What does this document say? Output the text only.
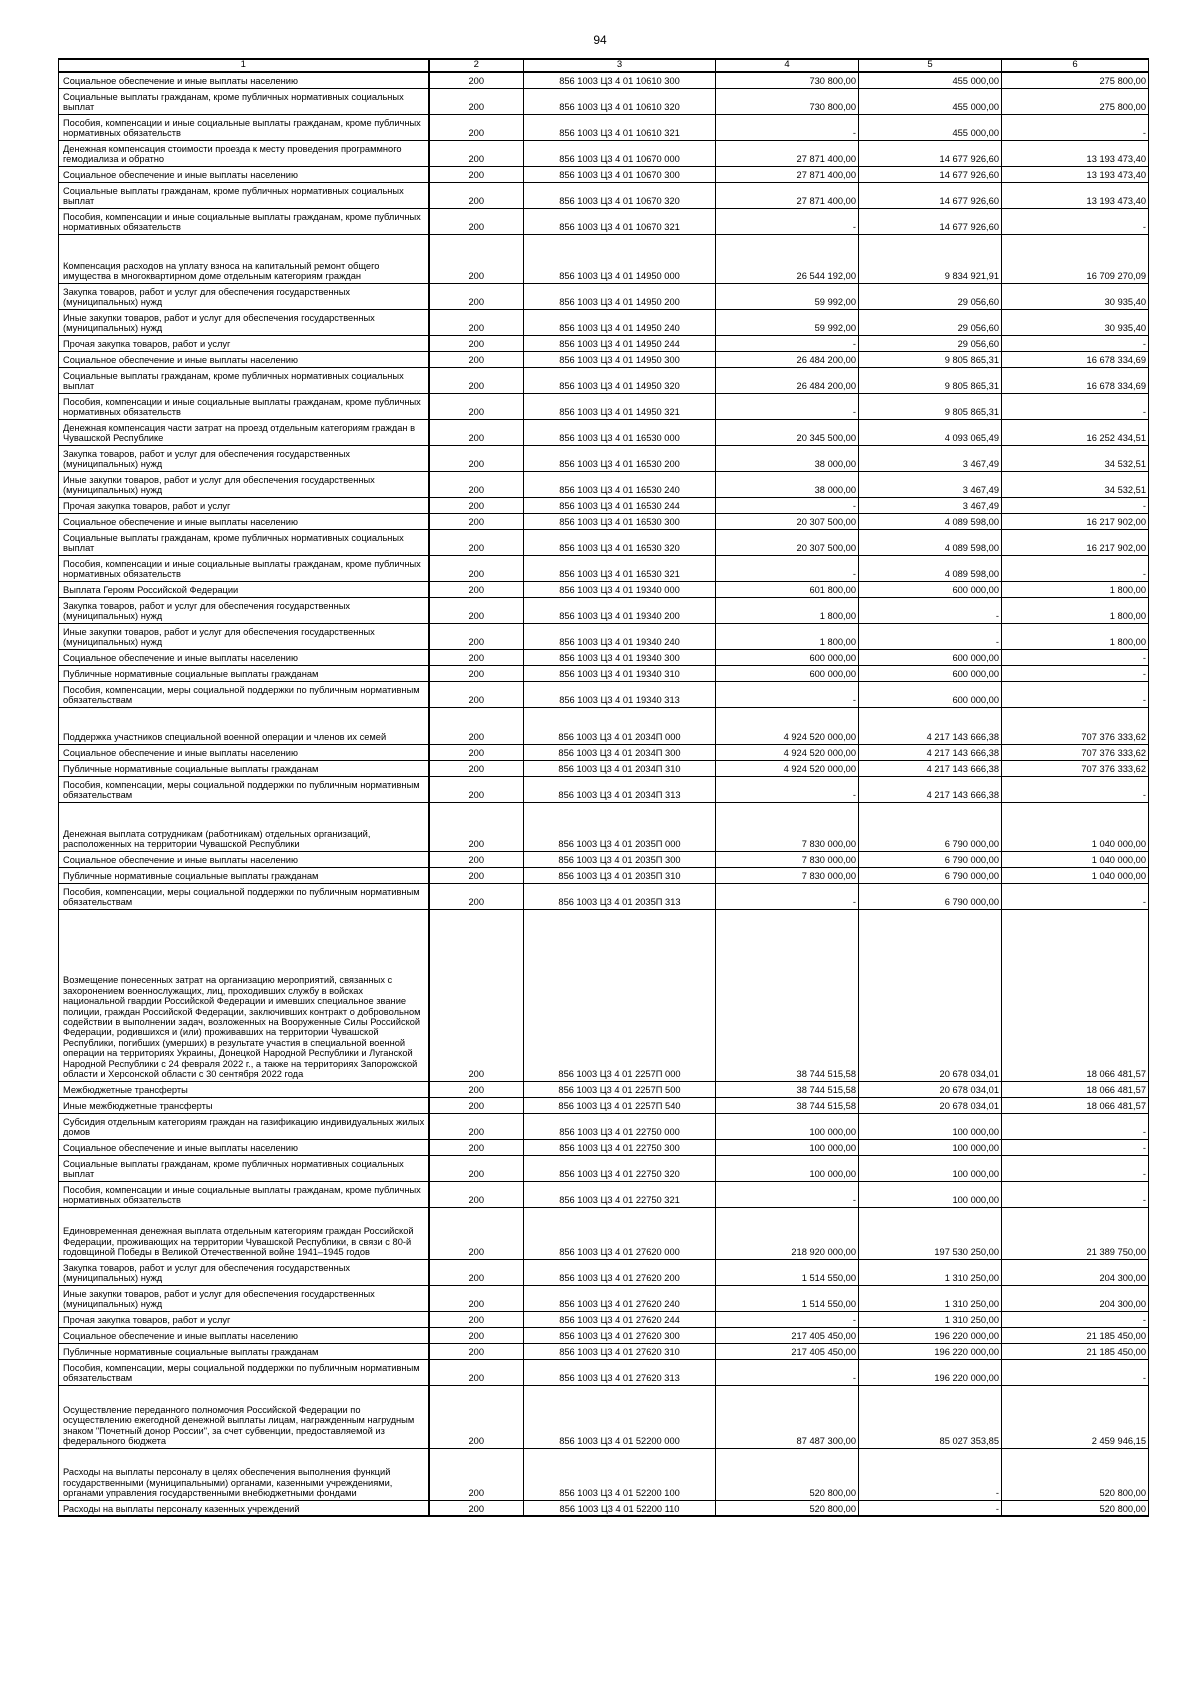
94
1	2	3	4	5	6
Социальное обеспечение и иные выплаты населению	200	856 1003 Ц3 4 01 10610 300	730 800,00	455 000,00	275 800,00
Социальные выплаты гражданам, кроме публичных нормативных социальных выплат	200	856 1003 Ц3 4 01 10610 320	730 800,00	455 000,00	275 800,00
Пособия, компенсации и иные социальные выплаты гражданам, кроме публичных нормативных обязательств	200	856 1003 Ц3 4 01 10610 321	-	455 000,00	-
Денежная компенсация стоимости проезда к месту проведения программного гемодиализа и обратно	200	856 1003 Ц3 4 01 10670 000	27 871 400,00	14 677 926,60	13 193 473,40
Социальное обеспечение и иные выплаты населению	200	856 1003 Ц3 4 01 10670 300	27 871 400,00	14 677 926,60	13 193 473,40
Социальные выплаты гражданам, кроме публичных нормативных социальных выплат	200	856 1003 Ц3 4 01 10670 320	27 871 400,00	14 677 926,60	13 193 473,40
Пособия, компенсации и иные социальные выплаты гражданам, кроме публичных нормативных обязательств	200	856 1003 Ц3 4 01 10670 321	-	14 677 926,60	-
Компенсация расходов на уплату взноса на капитальный ремонт общего имущества в многоквартирном доме отдельным категориям граждан	200	856 1003 Ц3 4 01 14950 000	26 544 192,00	9 834 921,91	16 709 270,09
Закупка товаров, работ и услуг для обеспечения государственных (муниципальных) нужд	200	856 1003 Ц3 4 01 14950 200	59 992,00	29 056,60	30 935,40
Иные закупки товаров, работ и услуг для обеспечения государственных (муниципальных) нужд	200	856 1003 Ц3 4 01 14950 240	59 992,00	29 056,60	30 935,40
Прочая закупка товаров, работ и услуг	200	856 1003 Ц3 4 01 14950 244	-	29 056,60	-
Социальное обеспечение и иные выплаты населению	200	856 1003 Ц3 4 01 14950 300	26 484 200,00	9 805 865,31	16 678 334,69
Социальные выплаты гражданам, кроме публичных нормативных социальных выплат	200	856 1003 Ц3 4 01 14950 320	26 484 200,00	9 805 865,31	16 678 334,69
Пособия, компенсации и иные социальные выплаты гражданам, кроме публичных нормативных обязательств	200	856 1003 Ц3 4 01 14950 321	-	9 805 865,31	-
Денежная компенсация части затрат на проезд отдельным категориям граждан в Чувашской Республике	200	856 1003 Ц3 4 01 16530 000	20 345 500,00	4 093 065,49	16 252 434,51
Закупка товаров, работ и услуг для обеспечения государственных (муниципальных) нужд	200	856 1003 Ц3 4 01 16530 200	38 000,00	3 467,49	34 532,51
Иные закупки товаров, работ и услуг для обеспечения государственных (муниципальных) нужд	200	856 1003 Ц3 4 01 16530 240	38 000,00	3 467,49	34 532,51
Прочая закупка товаров, работ и услуг	200	856 1003 Ц3 4 01 16530 244	-	3 467,49	-
Социальное обеспечение и иные выплаты населению	200	856 1003 Ц3 4 01 16530 300	20 307 500,00	4 089 598,00	16 217 902,00
Социальные выплаты гражданам, кроме публичных нормативных социальных выплат	200	856 1003 Ц3 4 01 16530 320	20 307 500,00	4 089 598,00	16 217 902,00
Пособия, компенсации и иные социальные выплаты гражданам, кроме публичных нормативных обязательств	200	856 1003 Ц3 4 01 16530 321	-	4 089 598,00	-
Выплата Героям Российской Федерации	200	856 1003 Ц3 4 01 19340 000	601 800,00	600 000,00	1 800,00
Закупка товаров, работ и услуг для обеспечения государственных (муниципальных) нужд	200	856 1003 Ц3 4 01 19340 200	1 800,00	-	1 800,00
Иные закупки товаров, работ и услуг для обеспечения государственных (муниципальных) нужд	200	856 1003 Ц3 4 01 19340 240	1 800,00	-	1 800,00
Социальное обеспечение и иные выплаты населению	200	856 1003 Ц3 4 01 19340 300	600 000,00	600 000,00	-
Публичные нормативные социальные выплаты гражданам	200	856 1003 Ц3 4 01 19340 310	600 000,00	600 000,00	-
Пособия, компенсации, меры социальной поддержки по публичным нормативным обязательствам	200	856 1003 Ц3 4 01 19340 313	-	600 000,00	-
Поддержка участников специальной военной операции и членов их семей	200	856 1003 Ц3 4 01 2034П 000	4 924 520 000,00	4 217 143 666,38	707 376 333,62
Социальное обеспечение и иные выплаты населению	200	856 1003 Ц3 4 01 2034П 300	4 924 520 000,00	4 217 143 666,38	707 376 333,62
Публичные нормативные социальные выплаты гражданам	200	856 1003 Ц3 4 01 2034П 310	4 924 520 000,00	4 217 143 666,38	707 376 333,62
Пособия, компенсации, меры социальной поддержки по публичным нормативным обязательствам	200	856 1003 Ц3 4 01 2034П 313	-	4 217 143 666,38	-
Денежная выплата сотрудникам (работникам) отдельных организаций, расположенных на территории Чувашской Республики	200	856 1003 Ц3 4 01 2035П 000	7 830 000,00	6 790 000,00	1 040 000,00
Социальное обеспечение и иные выплаты населению	200	856 1003 Ц3 4 01 2035П 300	7 830 000,00	6 790 000,00	1 040 000,00
Публичные нормативные социальные выплаты гражданам	200	856 1003 Ц3 4 01 2035П 310	7 830 000,00	6 790 000,00	1 040 000,00
Пособия, компенсации, меры социальной поддержки по публичным нормативным обязательствам	200	856 1003 Ц3 4 01 2035П 313	-	6 790 000,00	-
Возмещение понесенных затрат на организацию мероприятий, связанных с захоронением военнослужащих, лиц, проходивших службу в войсках национальной гвардии Российской Федерации и имевших специальное звание полиции, граждан Российской Федерации, заключивших контракт о добровольном содействии в выполнении задач, возложенных на Вооруженные Силы Российской Федерации, родившихся и (или) проживавших на территории Чувашской Республики, погибших (умерших) в результате участия в специальной военной операции на территориях Украины, Донецкой Народной Республики и Луганской Народной Республики с 24 февраля 2022 г., а также на территориях Запорожской области и Херсонской области с 30 сентября 2022 года	200	856 1003 Ц3 4 01 2257П 000	38 744 515,58	20 678 034,01	18 066 481,57
Межбюджетные трансферты	200	856 1003 Ц3 4 01 2257П 500	38 744 515,58	20 678 034,01	18 066 481,57
Иные межбюджетные трансферты	200	856 1003 Ц3 4 01 2257П 540	38 744 515,58	20 678 034,01	18 066 481,57
Субсидия отдельным категориям граждан на газификацию индивидуальных жилых домов	200	856 1003 Ц3 4 01 22750 000	100 000,00	100 000,00	-
Социальное обеспечение и иные выплаты населению	200	856 1003 Ц3 4 01 22750 300	100 000,00	100 000,00	-
Социальные выплаты гражданам, кроме публичных нормативных социальных выплат	200	856 1003 Ц3 4 01 22750 320	100 000,00	100 000,00	-
Пособия, компенсации и иные социальные выплаты гражданам, кроме публичных нормативных обязательств	200	856 1003 Ц3 4 01 22750 321	-	100 000,00	-
Единовременная денежная выплата отдельным категориям граждан Российской Федерации, проживающих на территории Чувашской Республики, в связи с 80-й годовщиной Победы в Великой Отечественной войне 1941–1945 годов	200	856 1003 Ц3 4 01 27620 000	218 920 000,00	197 530 250,00	21 389 750,00
Закупка товаров, работ и услуг для обеспечения государственных (муниципальных) нужд	200	856 1003 Ц3 4 01 27620 200	1 514 550,00	1 310 250,00	204 300,00
Иные закупки товаров, работ и услуг для обеспечения государственных (муниципальных) нужд	200	856 1003 Ц3 4 01 27620 240	1 514 550,00	1 310 250,00	204 300,00
Прочая закупка товаров, работ и услуг	200	856 1003 Ц3 4 01 27620 244	-	1 310 250,00	-
Социальное обеспечение и иные выплаты населению	200	856 1003 Ц3 4 01 27620 300	217 405 450,00	196 220 000,00	21 185 450,00
Публичные нормативные социальные выплаты гражданам	200	856 1003 Ц3 4 01 27620 310	217 405 450,00	196 220 000,00	21 185 450,00
Пособия, компенсации, меры социальной поддержки по публичным нормативным обязательствам	200	856 1003 Ц3 4 01 27620 313	-	196 220 000,00	-
Осуществление переданного полномочия Российской Федерации по осуществлению ежегодной денежной выплаты лицам, награжденным нагрудным знаком "Почетный донор России", за счет субвенции, предоставляемой из федерального бюджета	200	856 1003 Ц3 4 01 52200 000	87 487 300,00	85 027 353,85	2 459 946,15
Расходы на выплаты персоналу в целях обеспечения выполнения функций государственными (муниципальными) органами, казенными учреждениями, органами управления государственными внебюджетными фондами	200	856 1003 Ц3 4 01 52200 100	520 800,00	-	520 800,00
Расходы на выплаты персоналу казенных учреждений	200	856 1003 Ц3 4 01 52200 110	520 800,00	-	520 800,00
